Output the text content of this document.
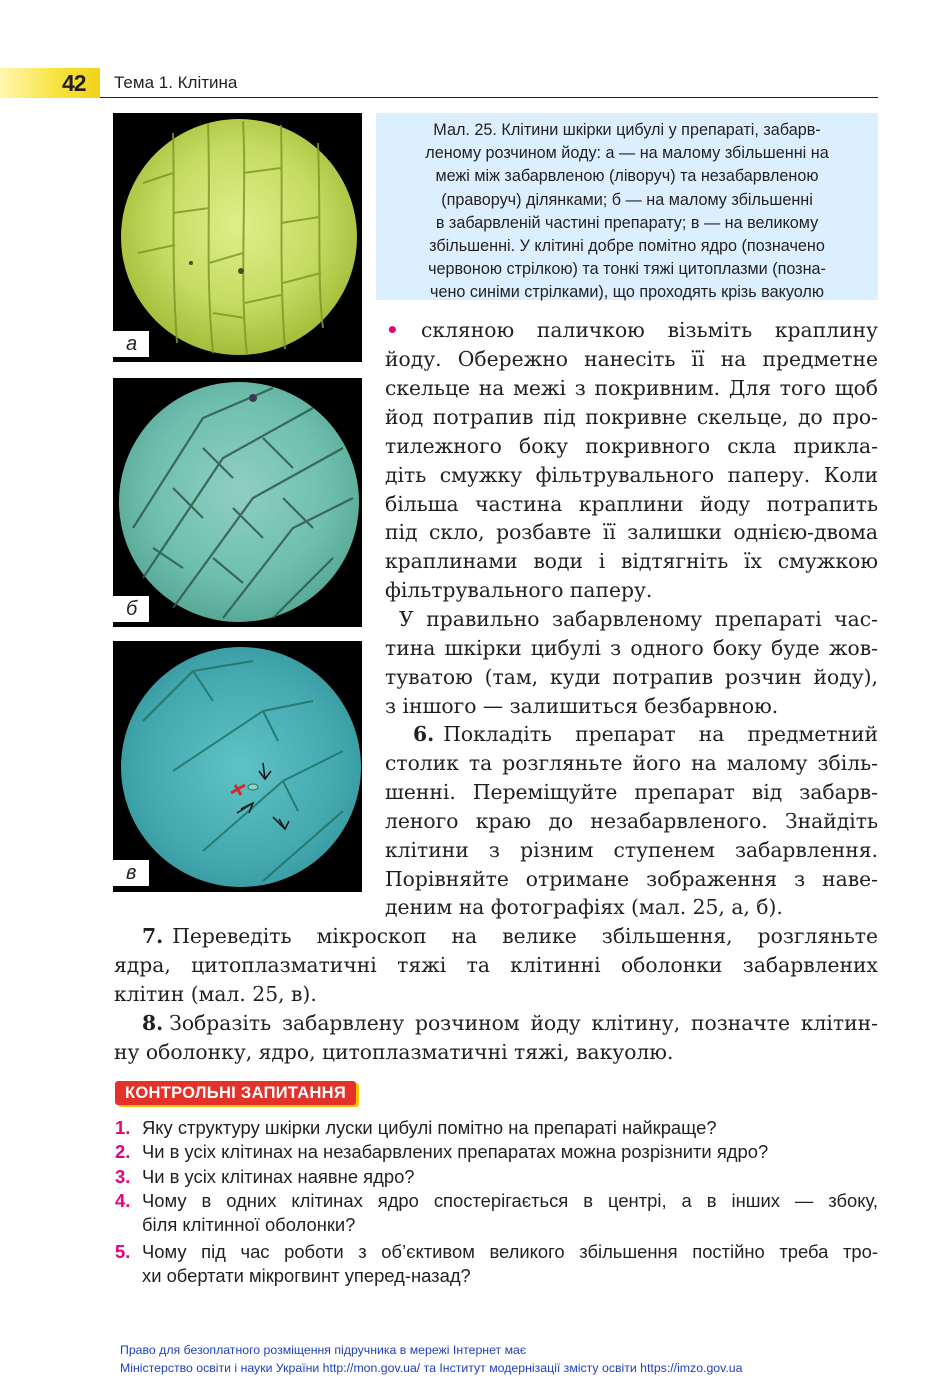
42 Тема 1. Клітина
а
б
в
Мал. 25. Клітини шкірки цибулі у препараті, забарв-
леному розчином йоду: а — на малому збільшенні на
межі між забарвленою (ліворуч) та незабарвленою
(праворуч) ділянками; б — на малому збільшенні
в забарвленій частині препарату; в — на великому
збільшенні. У клітині добре помітно ядро (позначено
червоною стрілкою) та тонкі тяжі цитоплазми (позна-
чено синіми стрілками), що проходять крізь вакуолю
• скляною паличкою візьміть краплину
йоду. Обережно нанесіть її на предметне
скельце на межі з покривним. Для того щоб
йод потрапив під покривне скельце, до про-
тилежного боку покривного скла прикла-
діть смужку фільтрувального паперу. Коли
більша частина краплини йоду потрапить
під скло, розбавте її залишки однією-двома
краплинами води і відтягніть їх смужкою
фільтрувального паперу.
У правильно забарвленому препараті час-
тина шкірки цибулі з одного боку буде жов-
туватою (там, куди потрапив розчин йоду),
з іншого — залишиться безбарвною.
6. Покладіть препарат на предметний
столик та розгляньте його на малому збіль-
шенні. Переміщуйте препарат від забарв-
леного краю до незабарвленого. Знайдіть
клітини з різним ступенем забарвлення.
Порівняйте отримане зображення з наве-
деним на фотографіях (мал. 25, а, б).
7. Переведіть мікроскоп на велике збільшення, розгляньте
ядра, цитоплазматичні тяжі та клітинні оболонки забарвлених
клітин (мал. 25, в).
8. Зобразіть забарвлену розчином йоду клітину, позначте клітин-
ну оболонку, ядро, цитоплазматичні тяжі, вакуолю.
КОНТРОЛЬНІ ЗАПИТАННЯ
1. Яку структуру шкірки луски цибулі помітно на препараті найкраще?
2. Чи в усіх клітинах на незабарвлених препаратах можна розрізнити ядро?
3. Чи в усіх клітинах наявне ядро?
4. Чому в одних клітинах ядро спостерігається в центрі, а в інших — збоку,
біля клітинної оболонки?
5. Чому під час роботи з об’єктивом великого збільшення постійно треба тро-
хи обертати мікрогвинт уперед-назад?
Право для безоплатного розміщення підручника в мережі Інтернет має
Міністерство освіти і науки України http://mon.gov.ua/ та Інститут модернізації змісту освіти https://imzo.gov.ua
